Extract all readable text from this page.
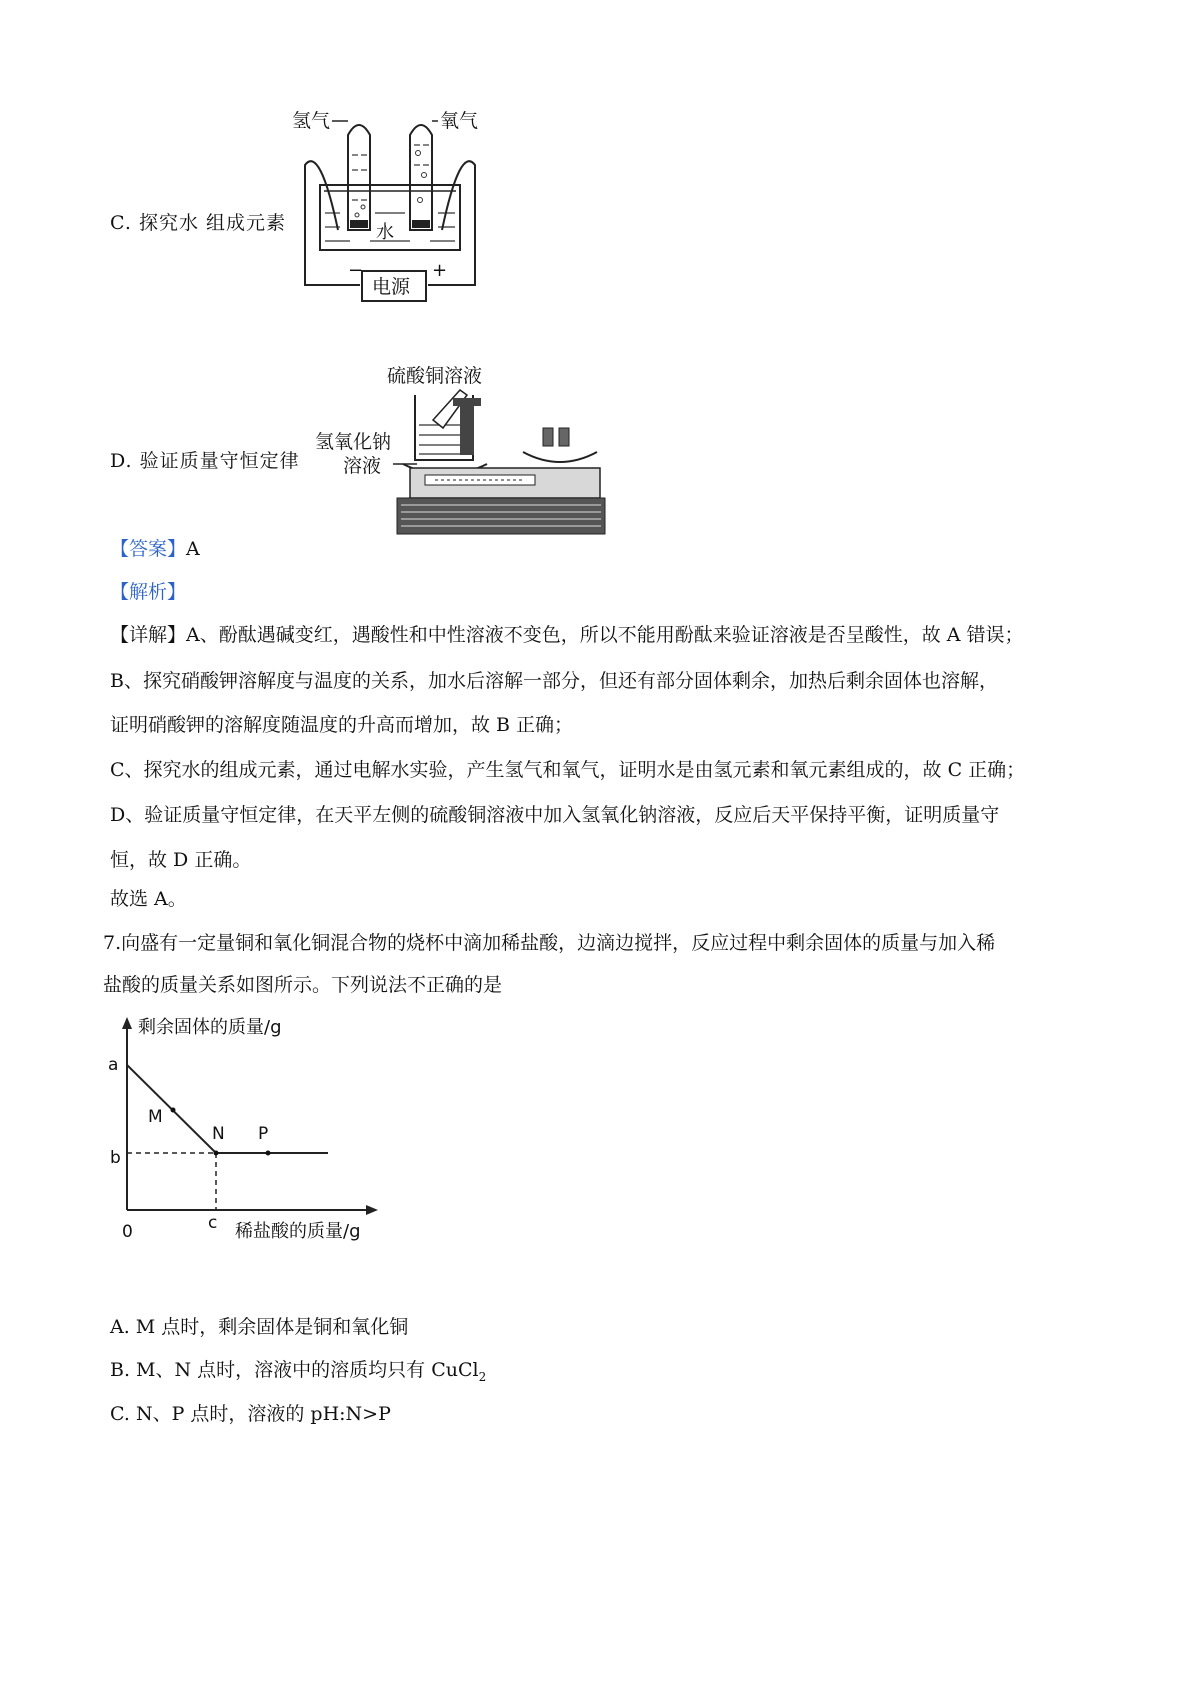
C. 探究水 组成元素	水
氢气	氧气
电源
−	+
D. 验证质量守恒定律
硫酸铜溶液
氢氧化钠
溶液
【答案】A
【解析】
【详解】A、酚酞遇碱变红，遇酸性和中性溶液不变色，所以不能用酚酞来验证溶液是否呈酸性，故 A 错误；
B、探究硝酸钾溶解度与温度的关系，加水后溶解一部分，但还有部分固体剩余，加热后剩余固体也溶解，
证明硝酸钾的溶解度随温度的升高而增加，故 B 正确；
C、探究水的组成元素，通过电解水实验，产生氢气和氧气，证明水是由氢元素和氧元素组成的，故 C 正确；
D、验证质量守恒定律，在天平左侧的硫酸铜溶液中加入氢氧化钠溶液，反应后天平保持平衡，证明质量守
恒，故 D 正确。
故选 A。
7.向盛有一定量铜和氧化铜混合物的烧杯中滴加稀盐酸，边滴边搅拌，反应过程中剩余固体的质量与加入稀
盐酸的质量关系如图所示。下列说法不正确的是
剩余固体的质量/g
稀盐酸的质量/g
0
a
b
c
M
N P
A. M 点时，剩余固体是铜和氧化铜
B. M、N 点时，溶液中的溶质均只有 CuCl$_2$
C. N、P 点时，溶液的 pH:N>P
